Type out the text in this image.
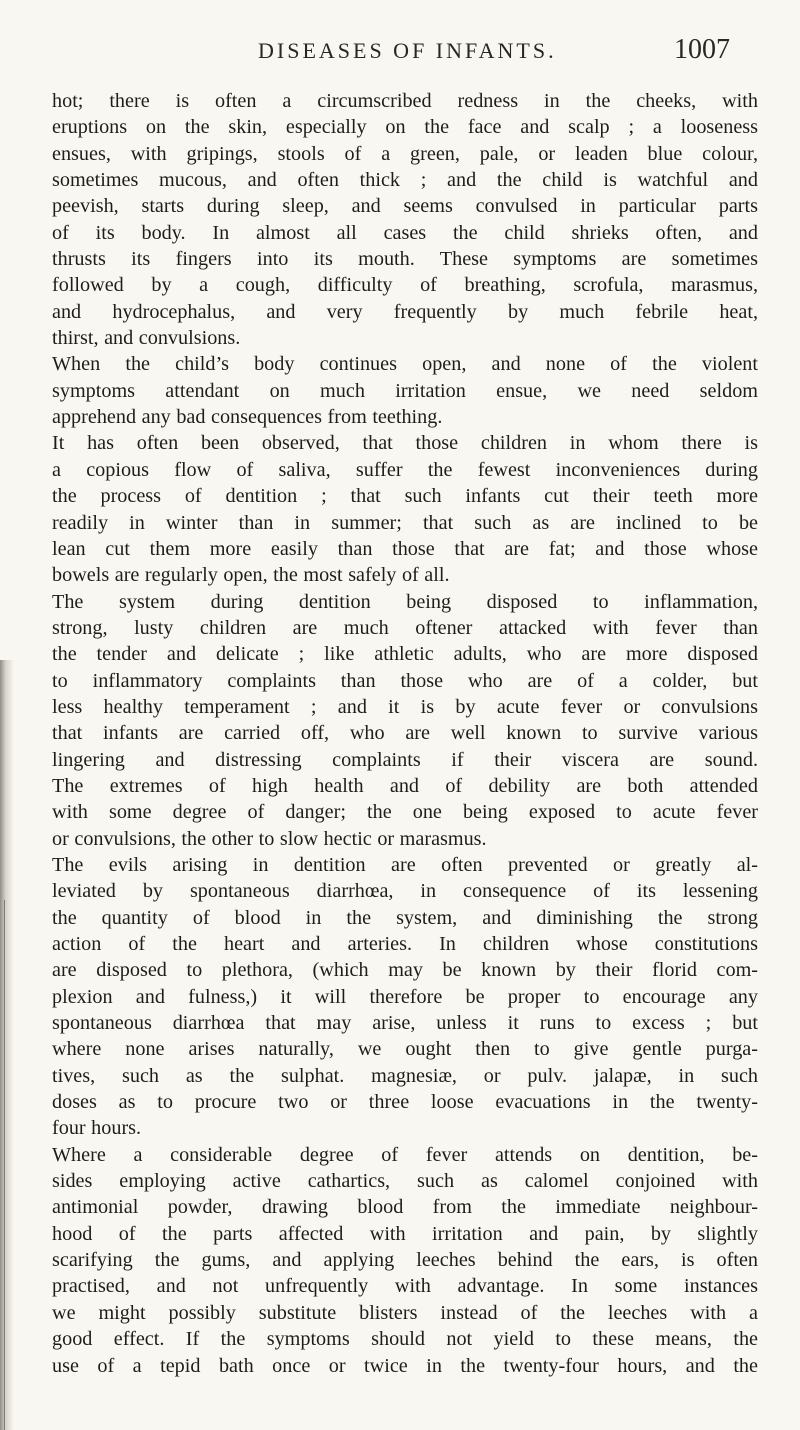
DISEASES OF INFANTS.	1007
hot; there is often a circumscribed redness in the cheeks, with
eruptions on the skin, especially on the face and scalp ; a looseness
ensues, with gripings, stools of a green, pale, or leaden blue colour,
sometimes mucous, and often thick ; and the child is watchful and
peevish, starts during sleep, and seems convulsed in particular parts
of its body. In almost all cases the child shrieks often, and
thrusts its fingers into its mouth. These symptoms are sometimes
followed by a cough, difficulty of breathing, scrofula, marasmus,
and hydrocephalus, and very frequently by much febrile heat,
thirst, and convulsions.
When the child’s body continues open, and none of the violent
symptoms attendant on much irritation ensue, we need seldom
apprehend any bad consequences from teething.
It has often been observed, that those children in whom there is
a copious flow of saliva, suffer the fewest inconveniences during
the process of dentition ; that such infants cut their teeth more
readily in winter than in summer; that such as are inclined to be
lean cut them more easily than those that are fat; and those whose
bowels are regularly open, the most safely of all.
The system during dentition being disposed to inflammation,
strong, lusty children are much oftener attacked with fever than
the tender and delicate ; like athletic adults, who are more disposed
to inflammatory complaints than those who are of a colder, but
less healthy temperament ; and it is by acute fever or convulsions
that infants are carried off, who are well known to survive various
lingering and distressing complaints if their viscera are sound.
The extremes of high health and of debility are both attended
with some degree of danger; the one being exposed to acute fever
or convulsions, the other to slow hectic or marasmus.
The evils arising in dentition are often prevented or greatly al-
leviated by spontaneous diarrhœa, in consequence of its lessening
the quantity of blood in the system, and diminishing the strong
action of the heart and arteries. In children whose constitutions
are disposed to plethora, (which may be known by their florid com-
plexion and fulness,) it will therefore be proper to encourage any
spontaneous diarrhœa that may arise, unless it runs to excess ; but
where none arises naturally, we ought then to give gentle purga-
tives, such as the sulphat. magnesiæ, or pulv. jalapæ, in such
doses as to procure two or three loose evacuations in the twenty-
four hours.
Where a considerable degree of fever attends on dentition, be-
sides employing active cathartics, such as calomel conjoined with
antimonial powder, drawing blood from the immediate neighbour-
hood of the parts affected with irritation and pain, by slightly
scarifying the gums, and applying leeches behind the ears, is often
practised, and not unfrequently with advantage. In some instances
we might possibly substitute blisters instead of the leeches with a
good effect. If the symptoms should not yield to these means, the
use of a tepid bath once or twice in the twenty-four hours, and the
